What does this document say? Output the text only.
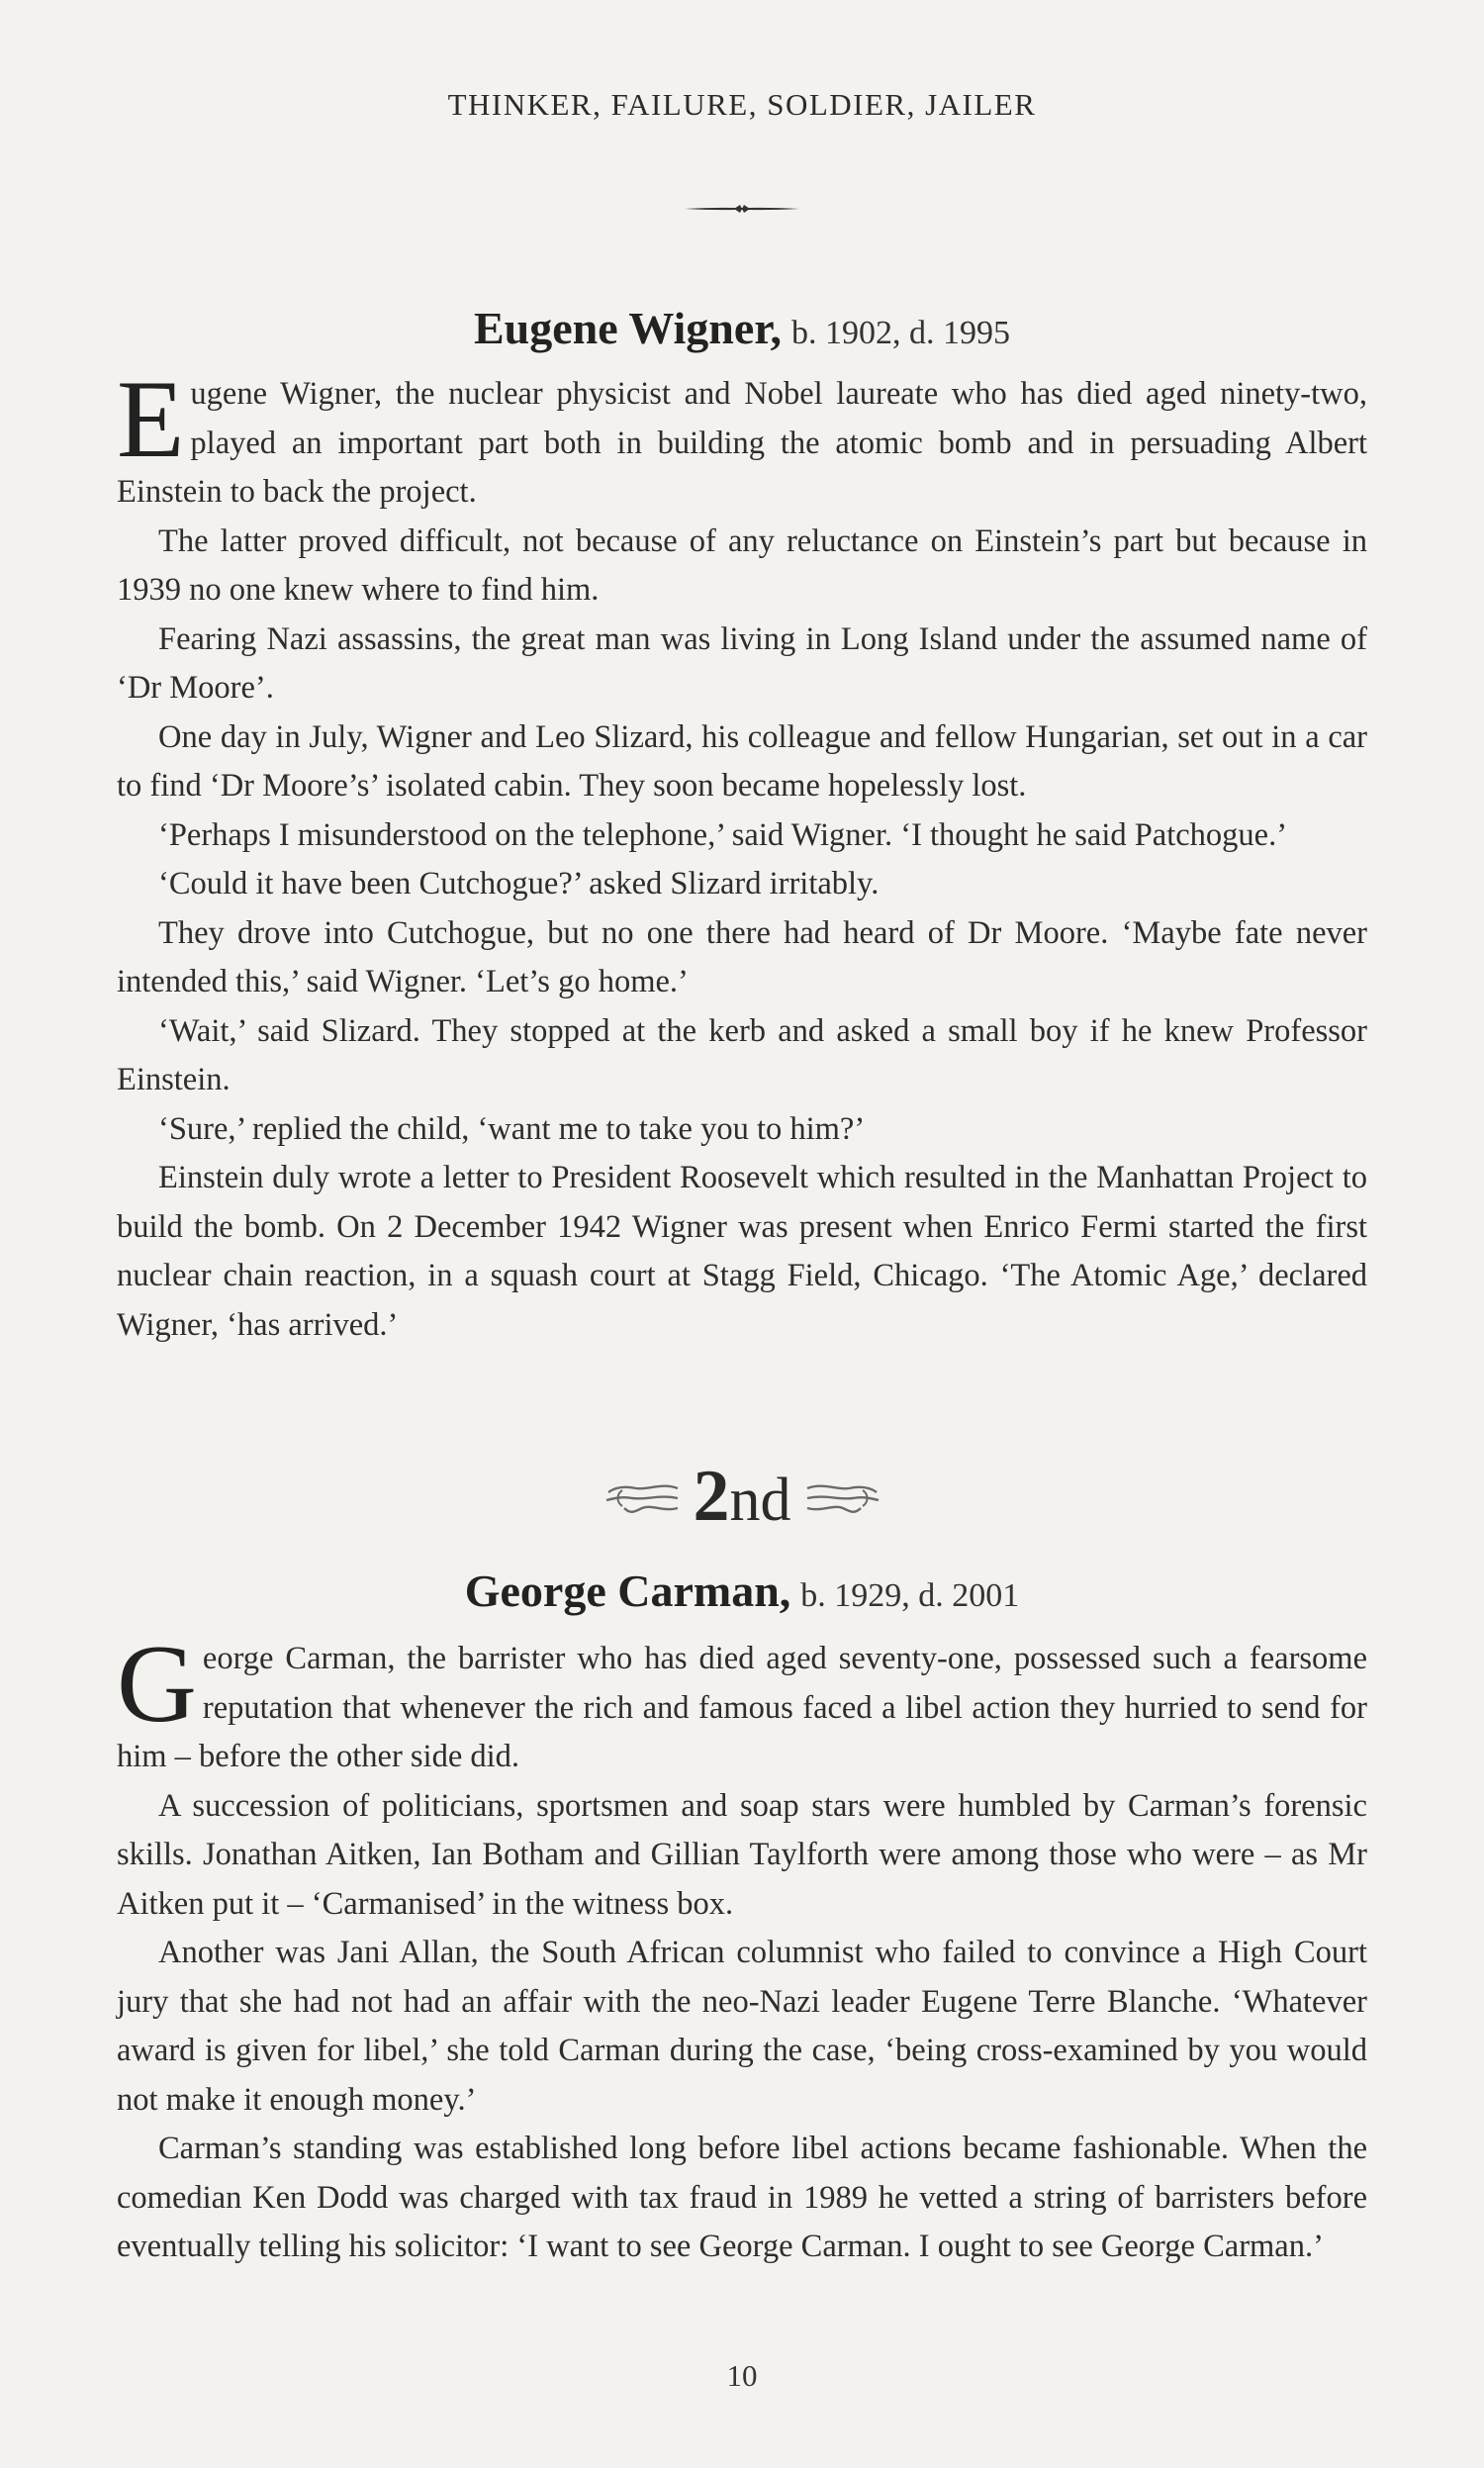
THINKER, FAILURE, SOLDIER, JAILER
Eugene Wigner, b. 1902, d. 1995

Eugene Wigner, the nuclear physicist and Nobel laureate who has died aged ninety-two, played an important part both in building the atomic bomb and in persuading Albert Einstein to back the project.

The latter proved difficult, not because of any reluctance on Einstein’s part but because in 1939 no one knew where to find him.

Fearing Nazi assassins, the great man was living in Long Island under the assumed name of ‘Dr Moore’.

One day in July, Wigner and Leo Slizard, his colleague and fellow Hungarian, set out in a car to find ‘Dr Moore’s’ isolated cabin. They soon became hopelessly lost.

‘Perhaps I misunderstood on the telephone,’ said Wigner. ‘I thought he said Patchogue.’

‘Could it have been Cutchogue?’ asked Slizard irritably.

They drove into Cutchogue, but no one there had heard of Dr Moore. ‘Maybe fate never intended this,’ said Wigner. ‘Let’s go home.’

‘Wait,’ said Slizard. They stopped at the kerb and asked a small boy if he knew Professor Einstein.

‘Sure,’ replied the child, ‘want me to take you to him?’

Einstein duly wrote a letter to President Roosevelt which resulted in the Manhattan Project to build the bomb. On 2 December 1942 Wigner was present when Enrico Fermi started the first nuclear chain reaction, in a squash court at Stagg Field, Chicago. ‘The Atomic Age,’ declared Wigner, ‘has arrived.’

2nd
George Carman, b. 1929, d. 2001

George Carman, the barrister who has died aged seventy-one, possessed such a fearsome reputation that whenever the rich and famous faced a libel action they hurried to send for him – before the other side did.

A succession of politicians, sportsmen and soap stars were humbled by Carman’s forensic skills. Jonathan Aitken, Ian Botham and Gillian Taylforth were among those who were – as Mr Aitken put it – ‘Carmanised’ in the witness box.

Another was Jani Allan, the South African columnist who failed to convince a High Court jury that she had not had an affair with the neo-Nazi leader Eugene Terre Blanche. ‘Whatever award is given for libel,’ she told Carman during the case, ‘being cross-examined by you would not make it enough money.’

Carman’s standing was established long before libel actions became fashionable. When the comedian Ken Dodd was charged with tax fraud in 1989 he vetted a string of barristers before eventually telling his solicitor: ‘I want to see George Carman. I ought to see George Carman.’

10
